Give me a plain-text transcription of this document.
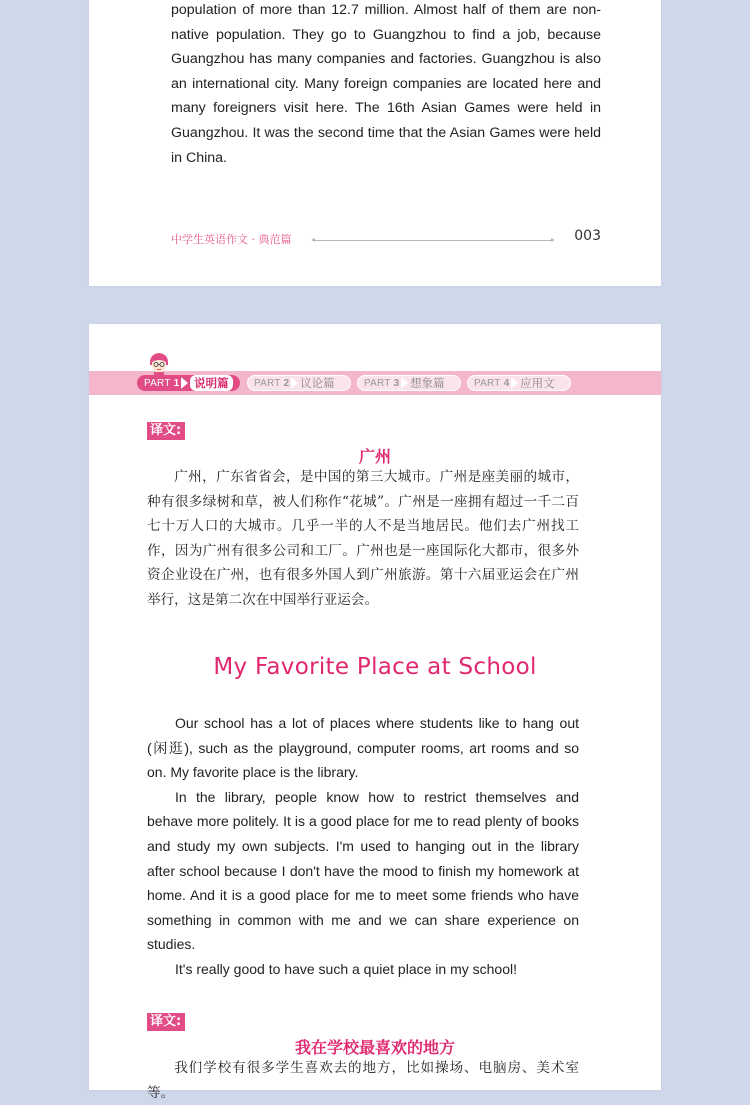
population of more than 12.7 million. Almost half of them are non-native population. They go to Guangzhou to find a job, because Guangzhou has many companies and factories. Guangzhou is also an international city. Many foreign companies are located here and many foreigners visit here. The 16th Asian Games were held in Guangzhou. It was the second time that the Asian Games were held in China.

中学生英语作文 · 典范篇	003
PART 1	说明篇	PART 2 议论篇	PART 3 想象篇	PART 4 应用文
译文:
广州

广州，广东省省会，是中国的第三大城市。广州是座美丽的城市，种有很多绿树和草，被人们称作“花城”。广州是一座拥有超过一千二百七十万人口的大城市。几乎一半的人不是当地居民。他们去广州找工作，因为广州有很多公司和工厂。广州也是一座国际化大都市，很多外资企业设在广州，也有很多外国人到广州旅游。第十六届亚运会在广州举行，这是第二次在中国举行亚运会。

My Favorite Place at School

Our school has a lot of places where students like to hang out (闲逛), such as the playground, computer rooms, art rooms and so on. My favorite place is the library.

In the library, people know how to restrict themselves and behave more politely. It is a good place for me to read plenty of books and study my own subjects. I'm used to hanging out in the library after school because I don't have the mood to finish my homework at home. And it is a good place for me to meet some friends who have something in common with me and we can share experience on studies.

It's really good to have such a quiet place in my school!

译文:
我在学校最喜欢的地方

我们学校有很多学生喜欢去的地方，比如操场、电脑房、美术室等。
